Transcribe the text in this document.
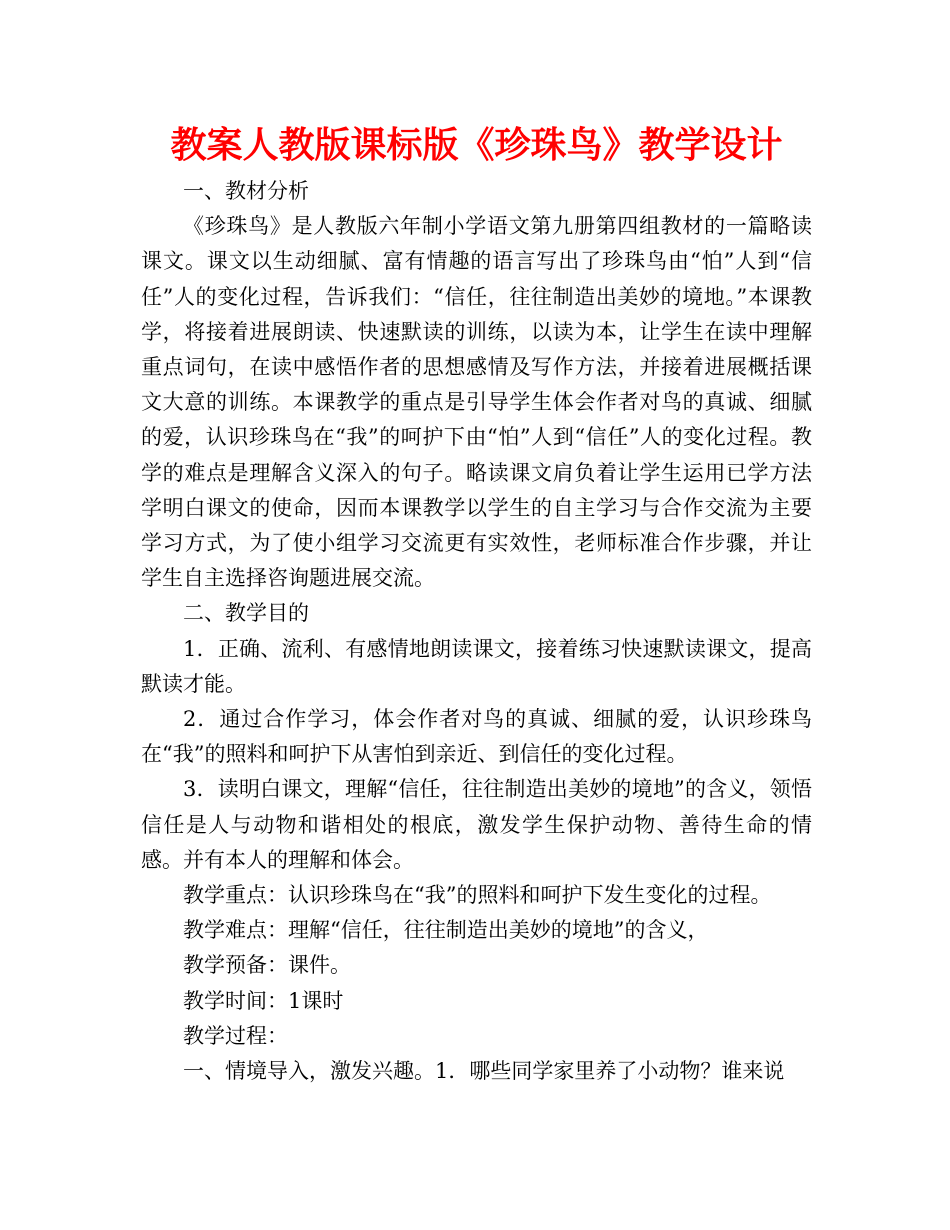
教案人教版课标版《珍珠鸟》教学设计

一、教材分析

《珍珠鸟》是人教版六年制小学语文第九册第四组教材的一篇略读课文。课文以生动细腻、富有情趣的语言写出了珍珠鸟由“怕”人到“信任”人的变化过程，告诉我们：“信任，往往制造出美妙的境地。”本课教学，将接着进展朗读、快速默读的训练，以读为本，让学生在读中理解重点词句，在读中感悟作者的思想感情及写作方法，并接着进展概括课文大意的训练。本课教学的重点是引导学生体会作者对鸟的真诚、细腻的爱，认识珍珠鸟在“我”的呵护下由“怕”人到“信任”人的变化过程。教学的难点是理解含义深入的句子。略读课文肩负着让学生运用已学方法学明白课文的使命，因而本课教学以学生的自主学习与合作交流为主要学习方式，为了使小组学习交流更有实效性，老师标准合作步骤，并让学生自主选择咨询题进展交流。

二、教学目的

1．正确、流利、有感情地朗读课文，接着练习快速默读课文，提高默读才能。

2．通过合作学习，体会作者对鸟的真诚、细腻的爱，认识珍珠鸟在“我”的照料和呵护下从害怕到亲近、到信任的变化过程。

3．读明白课文，理解“信任，往往制造出美妙的境地”的含义，领悟信任是人与动物和谐相处的根底，激发学生保护动物、善待生命的情感。并有本人的理解和体会。

教学重点：认识珍珠鸟在“我”的照料和呵护下发生变化的过程。

教学难点：理解“信任，往往制造出美妙的境地”的含义，

教学预备：课件。

教学时间：1课时

教学过程：

一、情境导入，激发兴趣。1．哪些同学家里养了小动物？谁来说
